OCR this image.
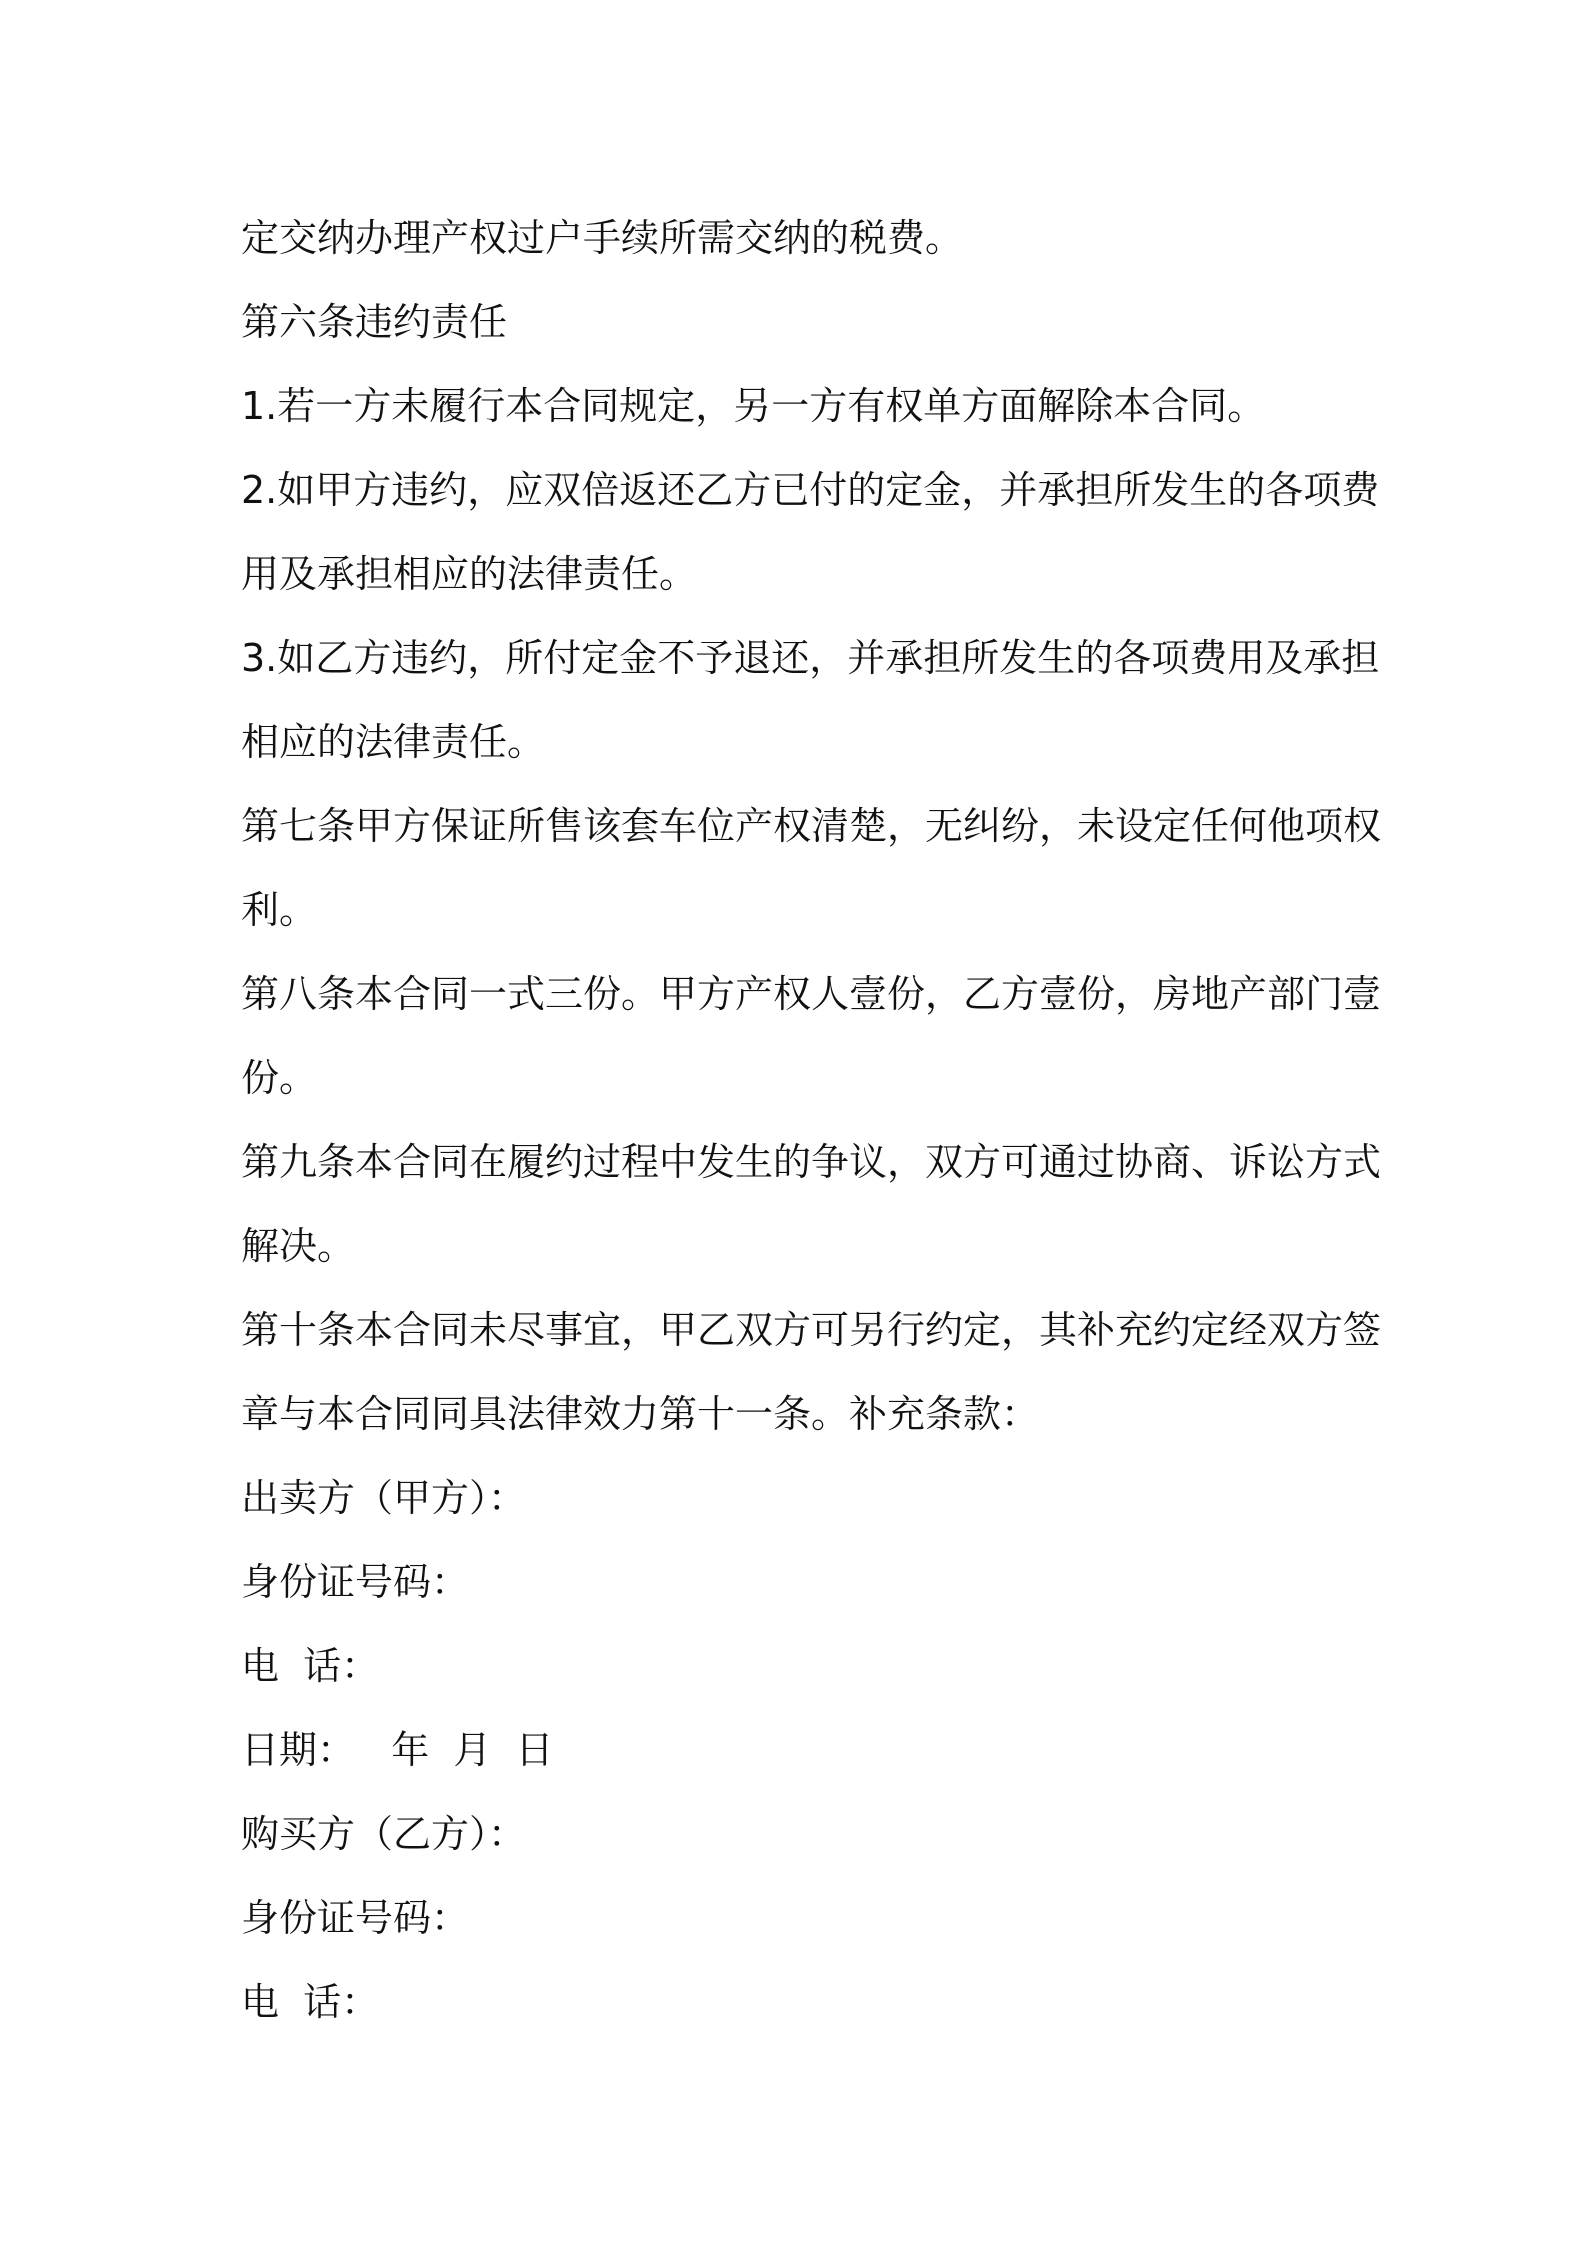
定交纳办理产权过户手续所需交纳的税费。
第六条违约责任
1.若一方未履行本合同规定，另一方有权单方面解除本合同。
2.如甲方违约，应双倍返还乙方已付的定金，并承担所发生的各项费
用及承担相应的法律责任。
3.如乙方违约，所付定金不予退还，并承担所发生的各项费用及承担
相应的法律责任。
第七条甲方保证所售该套车位产权清楚，无纠纷，未设定任何他项权
利。
第八条本合同一式三份。甲方产权人壹份，乙方壹份，房地产部门壹
份。
第九条本合同在履约过程中发生的争议，双方可通过协商、诉讼方式
解决。
第十条本合同未尽事宜，甲乙双方可另行约定，其补充约定经双方签
章与本合同同具法律效力第十一条。补充条款：
出卖方（甲方）：
身份证号码：
电  话：
日期：   年  月  日
购买方（乙方）：
身份证号码：
电  话：
